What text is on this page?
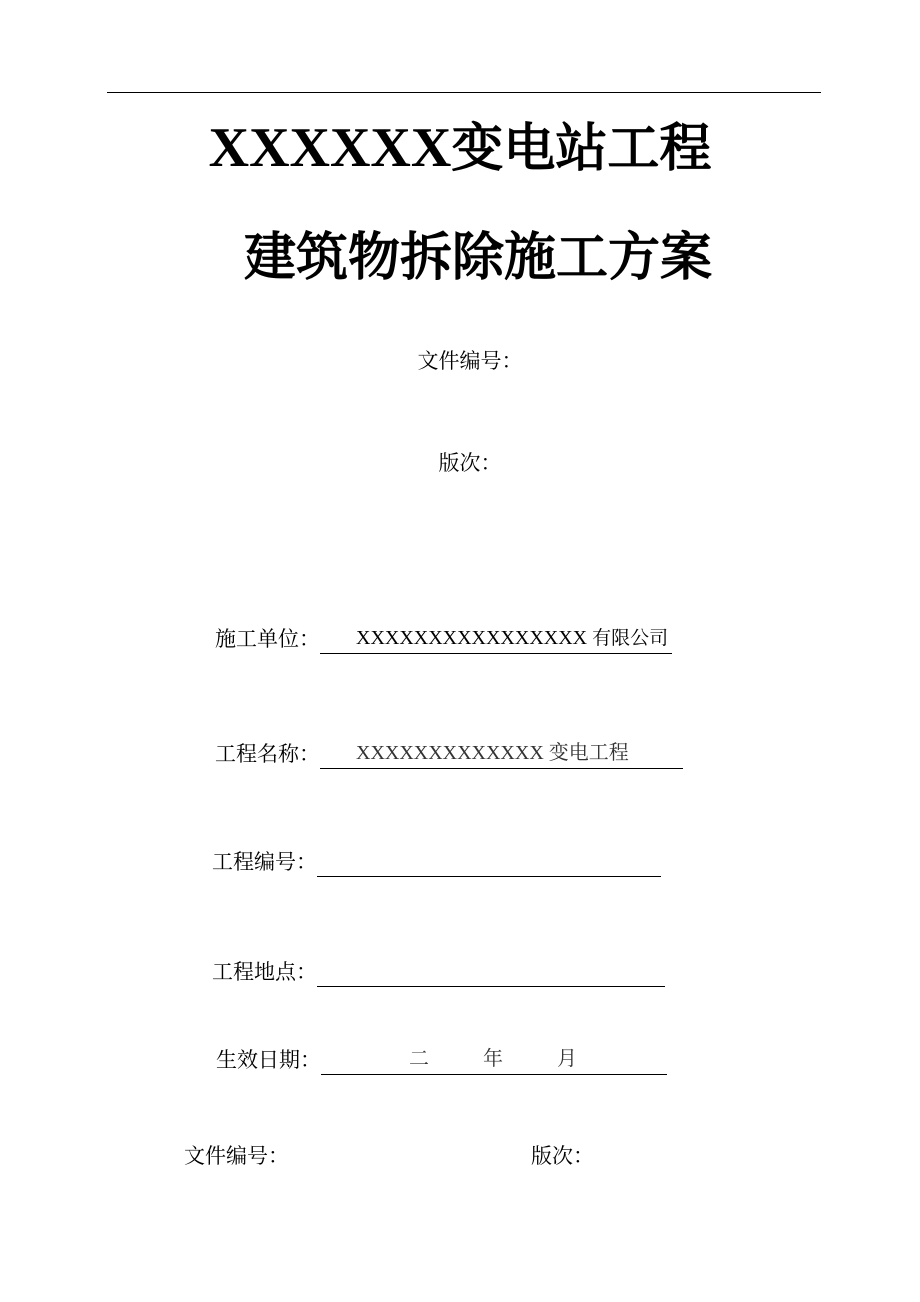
XXXXXX变电站工程
建筑物拆除施工方案
文件编号：
版次：
施工单位：	XXXXXXXXXXXXXXXX 有限公司
工程名称：	XXXXXXXXXXXXX 变电工程
工程编号：
工程地点：
生效日期：	二	年	月
文件编号：	版次：
